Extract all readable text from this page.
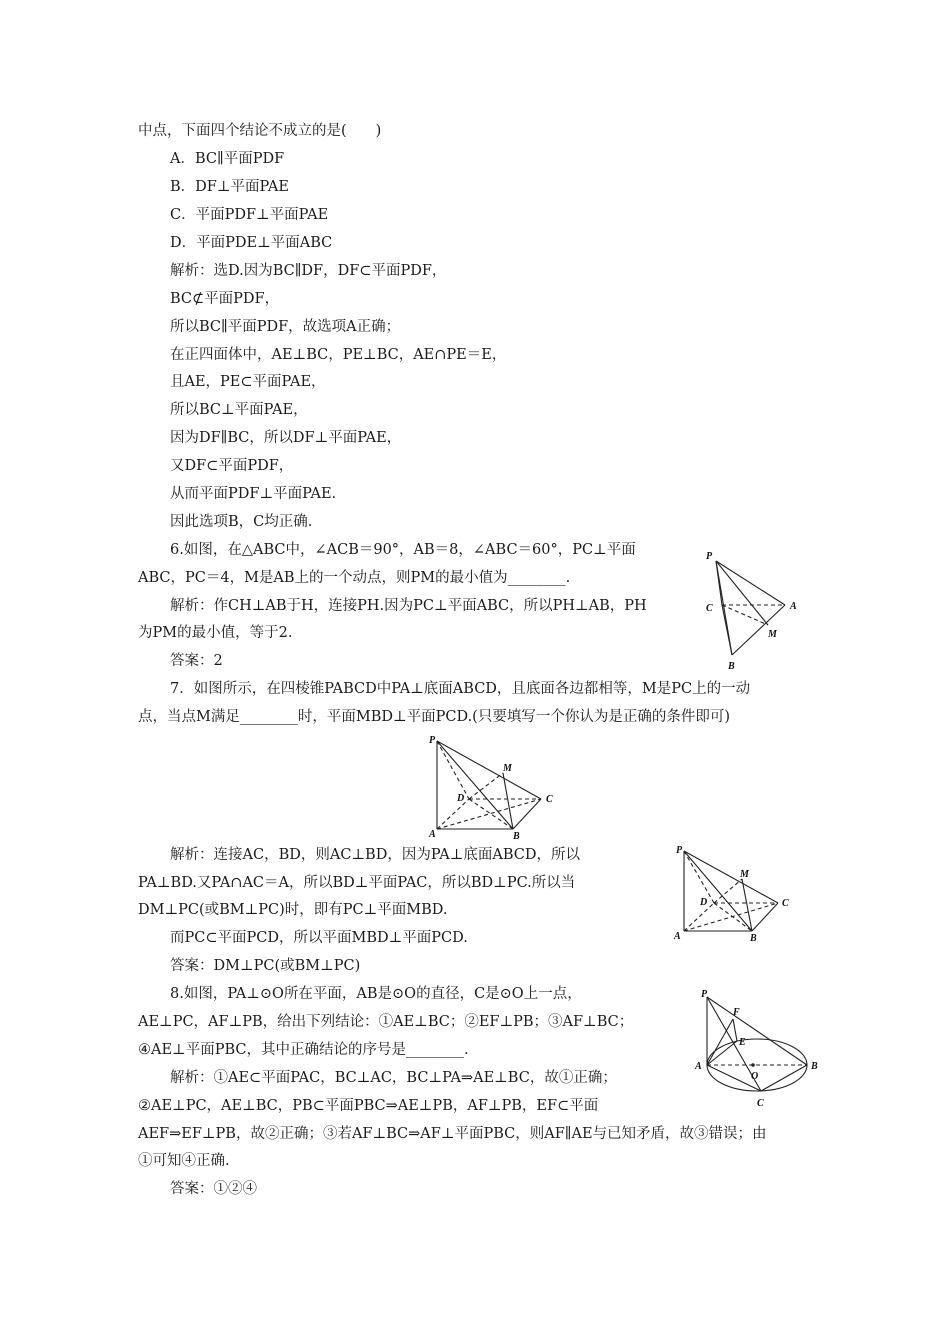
中点，下面四个结论不成立的是(　　)
A．BC∥平面PDF
B．DF⊥平面PAE
C．平面PDF⊥平面PAE
D．平面PDE⊥平面ABC
解析：选D.因为BC∥DF，DF⊂平面PDF，
BC⊄平面PDF，
所以BC∥平面PDF，故选项A正确；
在正四面体中，AE⊥BC，PE⊥BC，AE∩PE＝E，
且AE，PE⊂平面PAE，
所以BC⊥平面PAE，
因为DF∥BC，所以DF⊥平面PAE，
又DF⊂平面PDF，
从而平面PDF⊥平面PAE.
因此选项B，C均正确.
6.如图，在△ABC中，∠ACB＝90°，AB＝8，∠ABC＝60°，PC⊥平面
ABC，PC＝4，M是AB上的一个动点，则PM的最小值为________.
解析：作CH⊥AB于H，连接PH.因为PC⊥平面ABC，所以PH⊥AB，PH
为PM的最小值，等于2.
答案：2
7．如图所示，在四棱锥PABCD中PA⊥底面ABCD，且底面各边都相等，M是PC上的一动
点，当点M满足________时，平面MBD⊥平面PCD.(只要填写一个你认为是正确的条件即可)
解析：连接AC，BD，则AC⊥BD，因为PA⊥底面ABCD，所以
PA⊥BD.又PA∩AC＝A，所以BD⊥平面PAC，所以BD⊥PC.所以当
DM⊥PC(或BM⊥PC)时，即有PC⊥平面MBD.
而PC⊂平面PCD，所以平面MBD⊥平面PCD.
答案：DM⊥PC(或BM⊥PC)
8.如图，PA⊥⊙O所在平面，AB是⊙O的直径，C是⊙O上一点，
AE⊥PC，AF⊥PB，给出下列结论：①AE⊥BC；②EF⊥PB；③AF⊥BC；
④AE⊥平面PBC，其中正确结论的序号是________.
解析：①AE⊂平面PAC，BC⊥AC，BC⊥PA⇒AE⊥BC，故①正确；
②AE⊥PC，AE⊥BC，PB⊂平面PBC⇒AE⊥PB，AF⊥PB，EF⊂平面
AEF⇒EF⊥PB，故②正确；③若AF⊥BC⇒AF⊥平面PBC，则AF∥AE与已知矛盾，故③错误；由
①可知④正确.
答案：①②④
P
C	A
M
B
P
M
D	C
A	B
P
M
D	C
A	B
P
F
E
O
A	B
C
